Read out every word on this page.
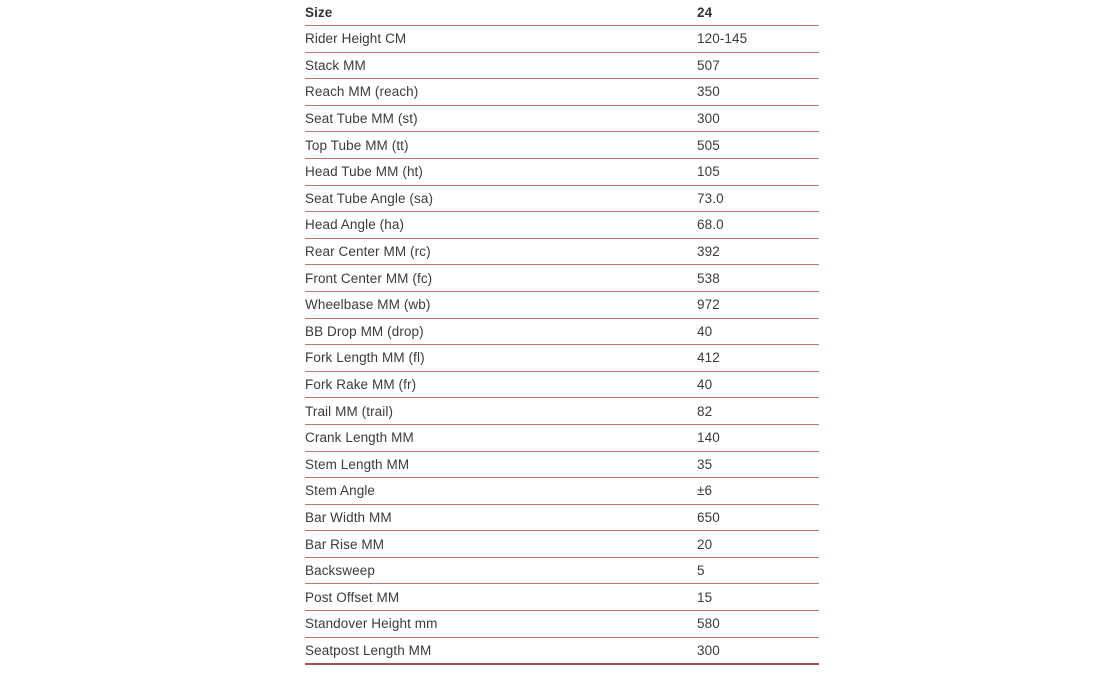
Size	24
Rider Height CM	120-145
Stack MM	507
Reach MM (reach)	350
Seat Tube MM (st)	300
Top Tube MM (tt)	505
Head Tube MM (ht)	105
Seat Tube Angle (sa)	73.0
Head Angle (ha)	68.0
Rear Center MM (rc)	392
Front Center MM (fc)	538
Wheelbase MM (wb)	972
BB Drop MM (drop)	40
Fork Length MM (fl)	412
Fork Rake MM (fr)	40
Trail MM (trail)	82
Crank Length MM	140
Stem Length MM	35
Stem Angle	±6
Bar Width MM	650
Bar Rise MM	20
Backsweep	5
Post Offset MM	15
Standover Height mm	580
Seatpost Length MM	300
